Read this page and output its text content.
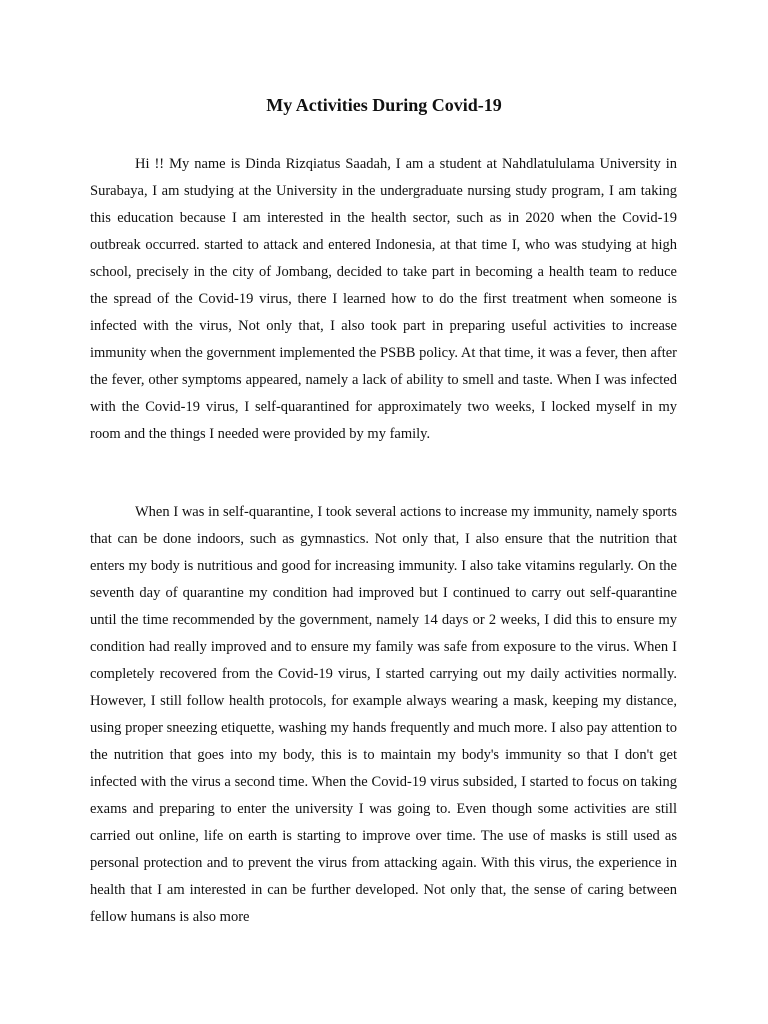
My Activities During Covid-19

Hi !! My name is Dinda Rizqiatus Saadah, I am a student at Nahdlatululama University in Surabaya, I am studying at the University in the undergraduate nursing study program, I am taking this education because I am interested in the health sector, such as in 2020 when the Covid-19 outbreak occurred. started to attack and entered Indonesia, at that time I, who was studying at high school, precisely in the city of Jombang, decided to take part in becoming a health team to reduce the spread of the Covid-19 virus, there I learned how to do the first treatment when someone is infected with the virus, Not only that, I also took part in preparing useful activities to increase immunity when the government implemented the PSBB policy. At that time, it was a fever, then after the fever, other symptoms appeared, namely a lack of ability to smell and taste. When I was infected with the Covid-19 virus, I self-quarantined for approximately two weeks, I locked myself in my room and the things I needed were provided by my family.

When I was in self-quarantine, I took several actions to increase my immunity, namely sports that can be done indoors, such as gymnastics. Not only that, I also ensure that the nutrition that enters my body is nutritious and good for increasing immunity. I also take vitamins regularly. On the seventh day of quarantine my condition had improved but I continued to carry out self-quarantine until the time recommended by the government, namely 14 days or 2 weeks, I did this to ensure my condition had really improved and to ensure my family was safe from exposure to the virus. When I completely recovered from the Covid-19 virus, I started carrying out my daily activities normally. However, I still follow health protocols, for example always wearing a mask, keeping my distance, using proper sneezing etiquette, washing my hands frequently and much more. I also pay attention to the nutrition that goes into my body, this is to maintain my body's immunity so that I don't get infected with the virus a second time. When the Covid-19 virus subsided, I started to focus on taking exams and preparing to enter the university I was going to. Even though some activities are still carried out online, life on earth is starting to improve over time. The use of masks is still used as personal protection and to prevent the virus from attacking again. With this virus, the experience in health that I am interested in can be further developed. Not only that, the sense of caring between fellow humans is also more
